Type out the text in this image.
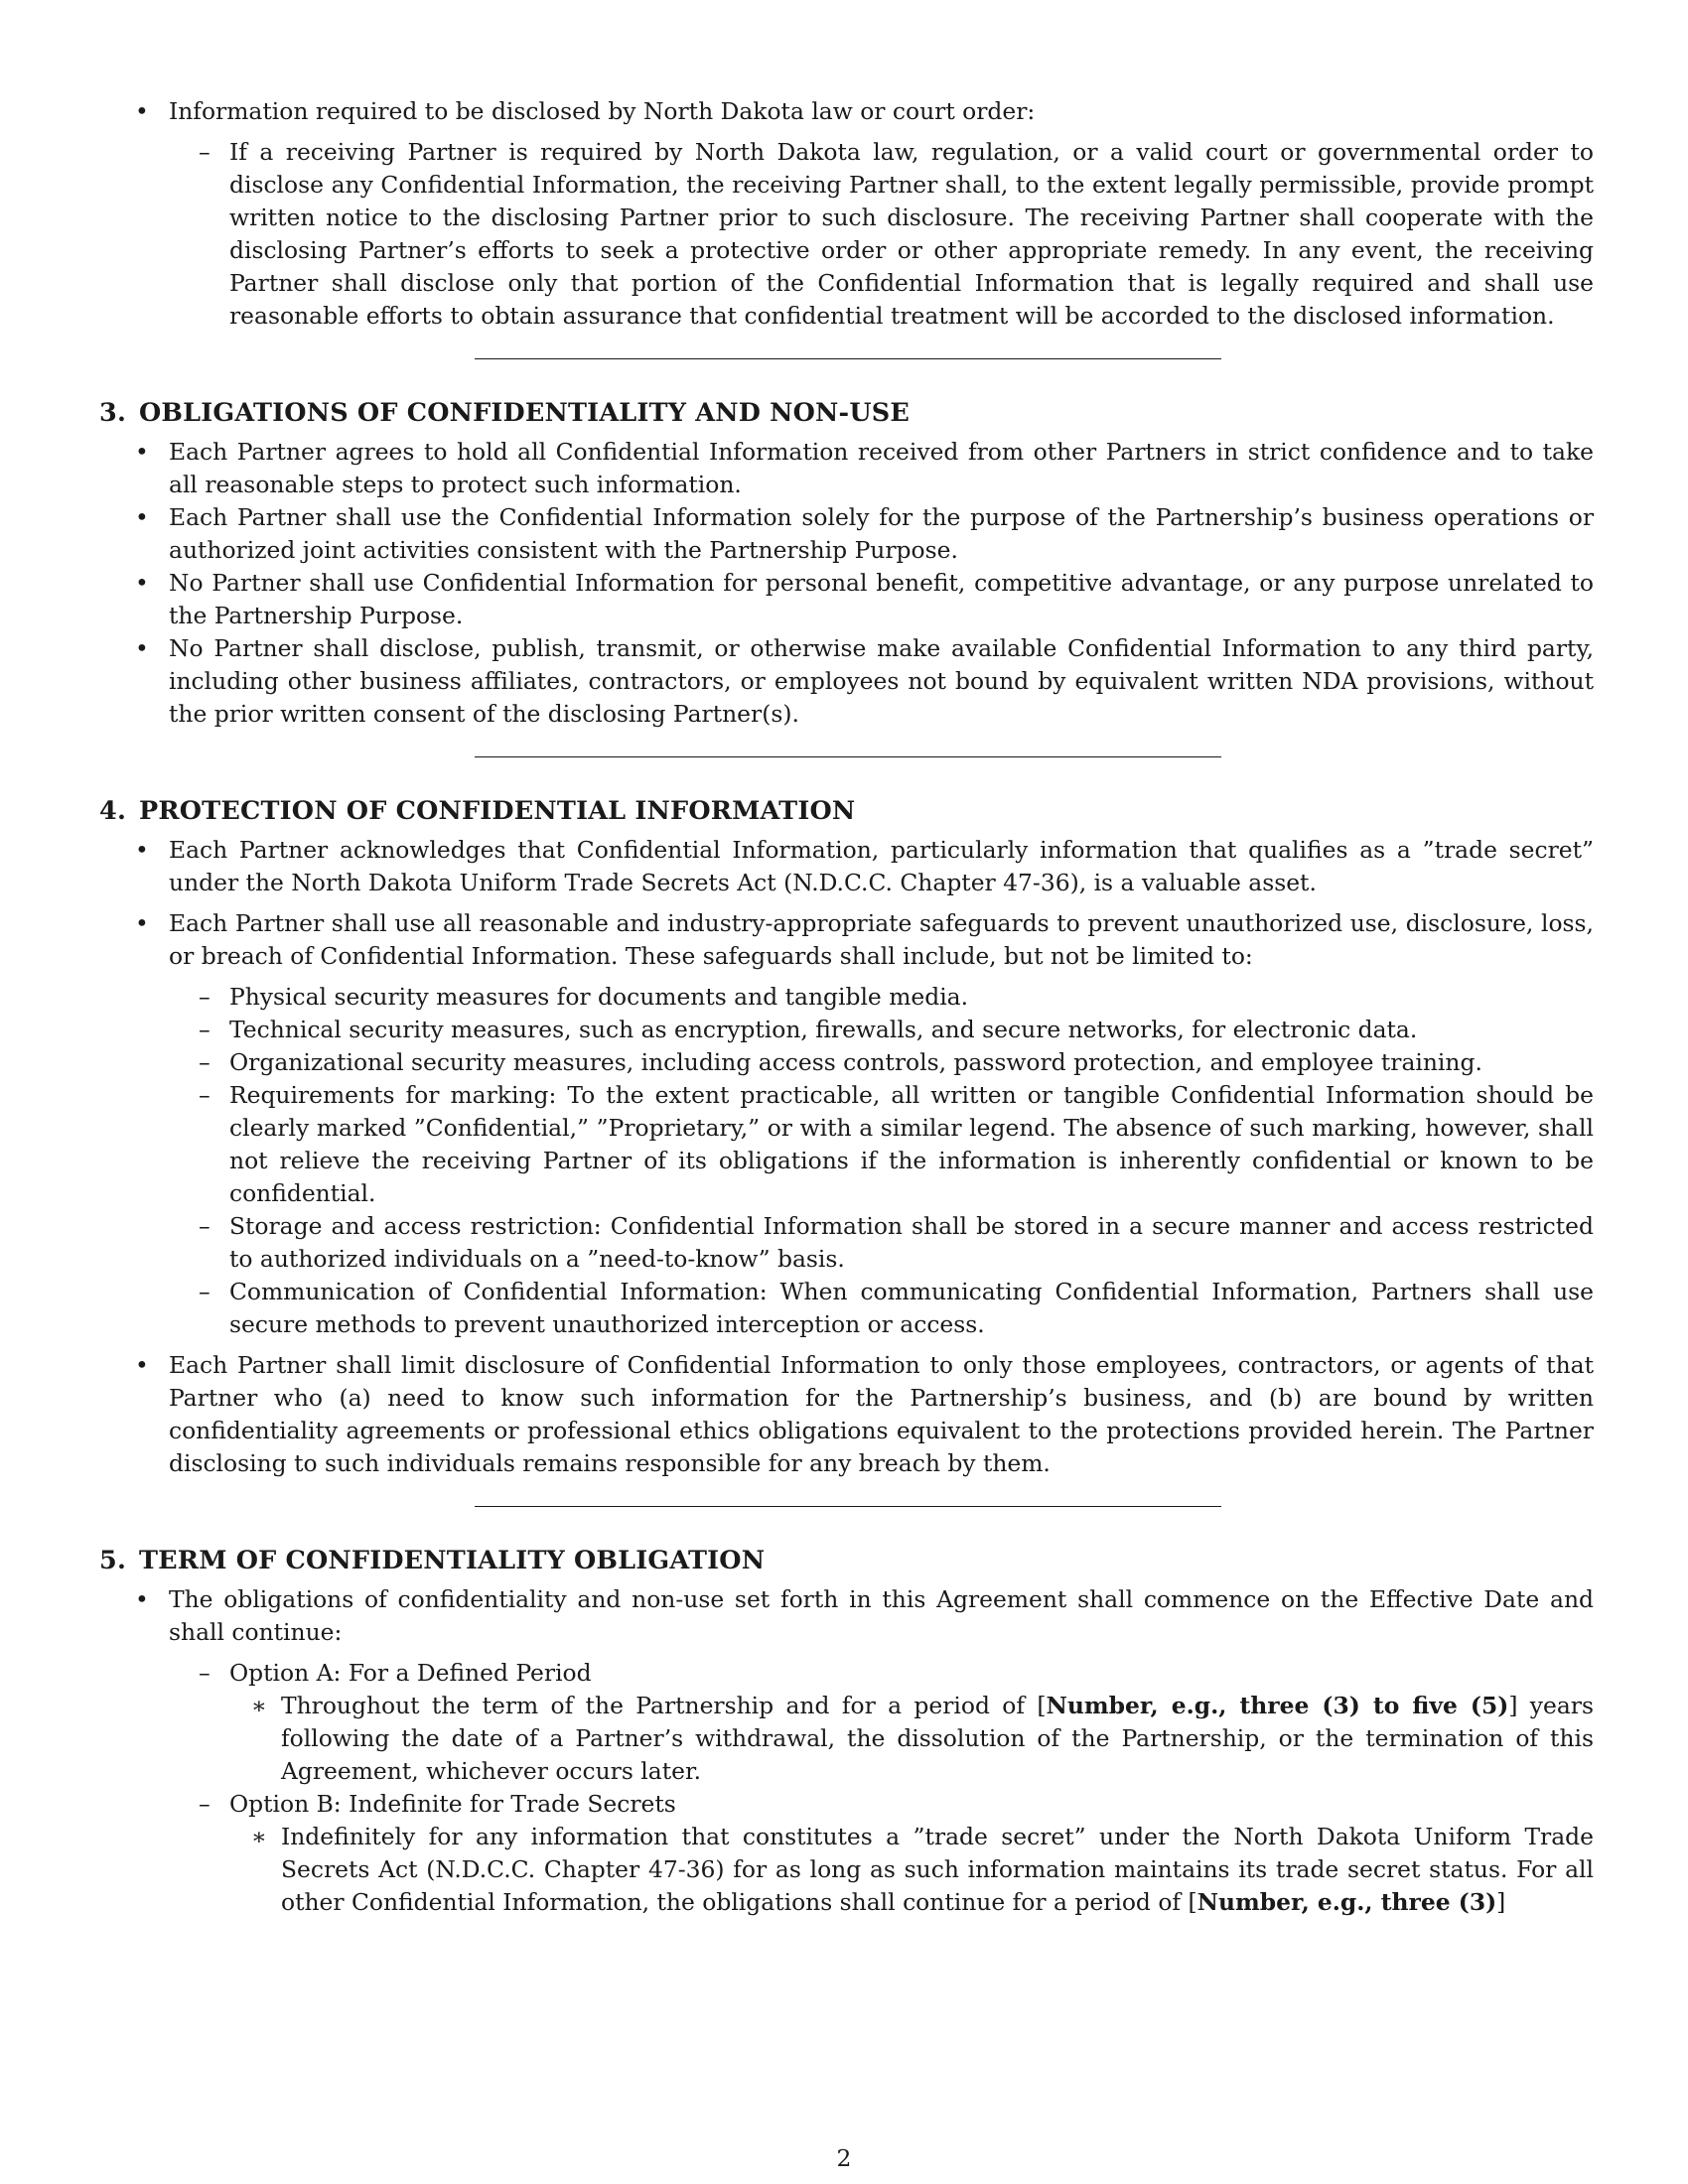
• Information required to be disclosed by North Dakota law or court order:
– If a receiving Partner is required by North Dakota law, regulation, or a valid court or governmental order to disclose any Confidential Information, the receiving Partner shall, to the extent legally permissible, provide prompt written notice to the disclosing Partner prior to such disclosure. The receiving Partner shall cooperate with the disclosing Partner’s efforts to seek a protective order or other appropriate remedy. In any event, the receiving Partner shall disclose only that portion of the Confidential Information that is legally required and shall use reasonable efforts to obtain assurance that confidential treatment will be accorded to the disclosed information.
3. OBLIGATIONS OF CONFIDENTIALITY AND NON-USE
• Each Partner agrees to hold all Confidential Information received from other Partners in strict confidence and to take all reasonable steps to protect such information.
• Each Partner shall use the Confidential Information solely for the purpose of the Partnership’s business operations or authorized joint activities consistent with the Partnership Purpose.
• No Partner shall use Confidential Information for personal benefit, competitive advantage, or any purpose unrelated to the Partnership Purpose.
• No Partner shall disclose, publish, transmit, or otherwise make available Confidential Information to any third party, including other business affiliates, contractors, or employees not bound by equivalent written NDA provisions, without the prior written consent of the disclosing Partner(s).
4. PROTECTION OF CONFIDENTIAL INFORMATION
• Each Partner acknowledges that Confidential Information, particularly information that qualifies as a ”trade secret” under the North Dakota Uniform Trade Secrets Act (N.D.C.C. Chapter 47-36), is a valuable asset.
• Each Partner shall use all reasonable and industry-appropriate safeguards to prevent unauthorized use, disclosure, loss, or breach of Confidential Information. These safeguards shall include, but not be limited to:
– Physical security measures for documents and tangible media.
– Technical security measures, such as encryption, firewalls, and secure networks, for electronic data.
– Organizational security measures, including access controls, password protection, and employee training.
– Requirements for marking: To the extent practicable, all written or tangible Confidential Information should be clearly marked ”Confidential,” ”Proprietary,” or with a similar legend. The absence of such marking, however, shall not relieve the receiving Partner of its obligations if the information is inherently confidential or known to be confidential.
– Storage and access restriction: Confidential Information shall be stored in a secure manner and access restricted to authorized individuals on a ”need-to-know” basis.
– Communication of Confidential Information: When communicating Confidential Information, Partners shall use secure methods to prevent unauthorized interception or access.
• Each Partner shall limit disclosure of Confidential Information to only those employees, contractors, or agents of that Partner who (a) need to know such information for the Partnership’s business, and (b) are bound by written confidentiality agreements or professional ethics obligations equivalent to the protections provided herein. The Partner disclosing to such individuals remains responsible for any breach by them.
5. TERM OF CONFIDENTIALITY OBLIGATION
• The obligations of confidentiality and non-use set forth in this Agreement shall commence on the Effective Date and shall continue:
– Option A: For a Defined Period
∗ Throughout the term of the Partnership and for a period of [Number, e.g., three (3) to five (5)] years following the date of a Partner’s withdrawal, the dissolution of the Partnership, or the termination of this Agreement, whichever occurs later.
– Option B: Indefinite for Trade Secrets
∗ Indefinitely for any information that constitutes a ”trade secret” under the North Dakota Uniform Trade Secrets Act (N.D.C.C. Chapter 47-36) for as long as such information maintains its trade secret status. For all other Confidential Information, the obligations shall continue for a period of [Number, e.g., three (3)]
2
